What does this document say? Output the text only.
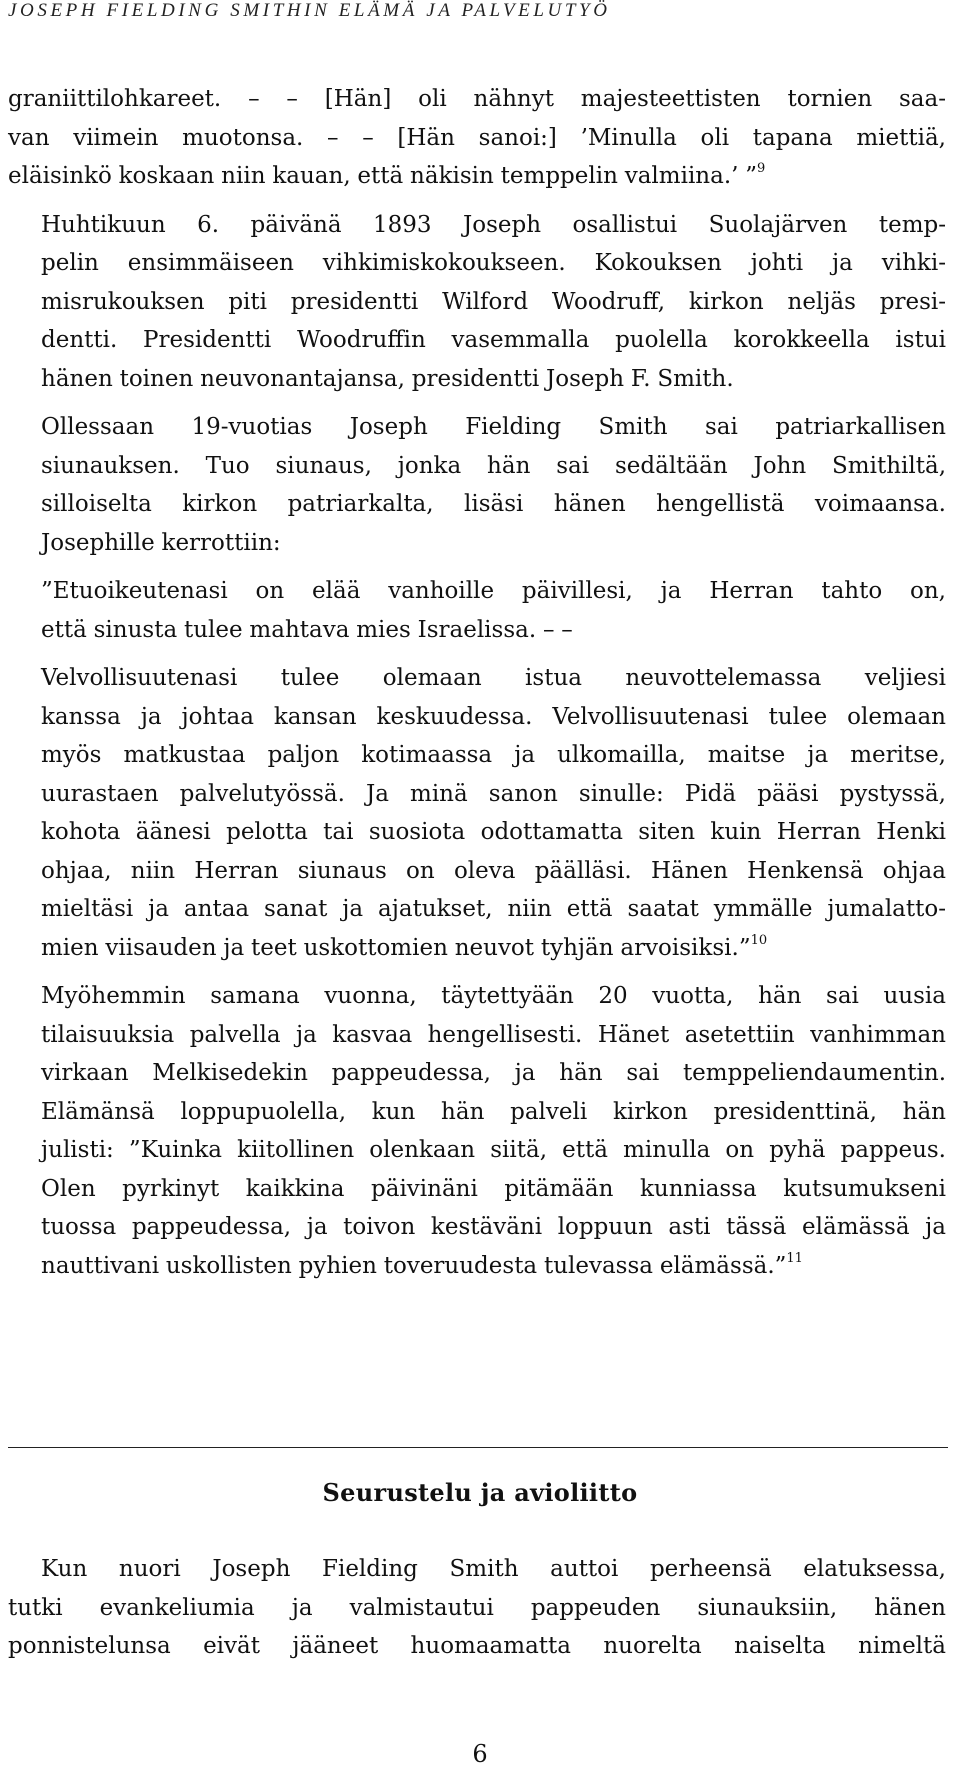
JOSEPH FIELDING SMITHIN ELÄMÄ JA PALVELUTYÖ

graniittilohkareet. – – [Hän] oli nähnyt majesteettisten tornien saa-
van viimein muotonsa. – – [Hän sanoi:] ’Minulla oli tapana miettiä,
eläisinkö koskaan niin kauan, että näkisin temppelin valmiina.’ ”$^9$

Huhtikuun 6. päivänä 1893 Joseph osallistui Suolajärven temp-
pelin ensimmäiseen vihkimiskokoukseen. Kokouksen johti ja vihki-
misrukouksen piti presidentti Wilford Woodruff, kirkon neljäs presi-
dentti. Presidentti Woodruffin vasemmalla puolella korokkeella istui
hänen toinen neuvonantajansa, presidentti Joseph F. Smith.

Ollessaan 19-vuotias Joseph Fielding Smith sai patriarkallisen
siunauksen. Tuo siunaus, jonka hän sai sedältään John Smithiltä,
silloiselta kirkon patriarkalta, lisäsi hänen hengellistä voimaansa.
Josephille kerrottiin:

”Etuoikeutenasi on elää vanhoille päivillesi, ja Herran tahto on,
että sinusta tulee mahtava mies Israelissa. – –

Velvollisuutenasi tulee olemaan istua neuvottelemassa veljiesi
kanssa ja johtaa kansan keskuudessa. Velvollisuutenasi tulee olemaan
myös matkustaa paljon kotimaassa ja ulkomailla, maitse ja meritse,
uurastaen palvelutyössä. Ja minä sanon sinulle: Pidä pääsi pystyssä,
kohota äänesi pelotta tai suosiota odottamatta siten kuin Herran Henki
ohjaa, niin Herran siunaus on oleva päälläsi. Hänen Henkensä ohjaa
mieltäsi ja antaa sanat ja ajatukset, niin että saatat ymmälle jumalatto-
mien viisauden ja teet uskottomien neuvot tyhjän arvoisiksi.”$^{10}$

Myöhemmin samana vuonna, täytettyään 20 vuotta, hän sai uusia
tilaisuuksia palvella ja kasvaa hengellisesti. Hänet asetettiin vanhimman
virkaan Melkisedekin pappeudessa, ja hän sai temppeliendaumentin.
Elämänsä loppupuolella, kun hän palveli kirkon presidenttinä, hän
julisti: ”Kuinka kiitollinen olenkaan siitä, että minulla on pyhä pappeus.
Olen pyrkinyt kaikkina päivinäni pitämään kunniassa kutsumukseni
tuossa pappeudessa, ja toivon kestäväni loppuun asti tässä elämässä ja
nauttivani uskollisten pyhien toveruudesta tulevassa elämässä.”$^{11}$

Seurustelu ja avioliitto

Kun nuori Joseph Fielding Smith auttoi perheensä elatuksessa,
tutki evankeliumia ja valmistautui pappeuden siunauksiin, hänen
ponnistelunsa eivät jääneet huomaamatta nuorelta naiselta nimeltä

6
